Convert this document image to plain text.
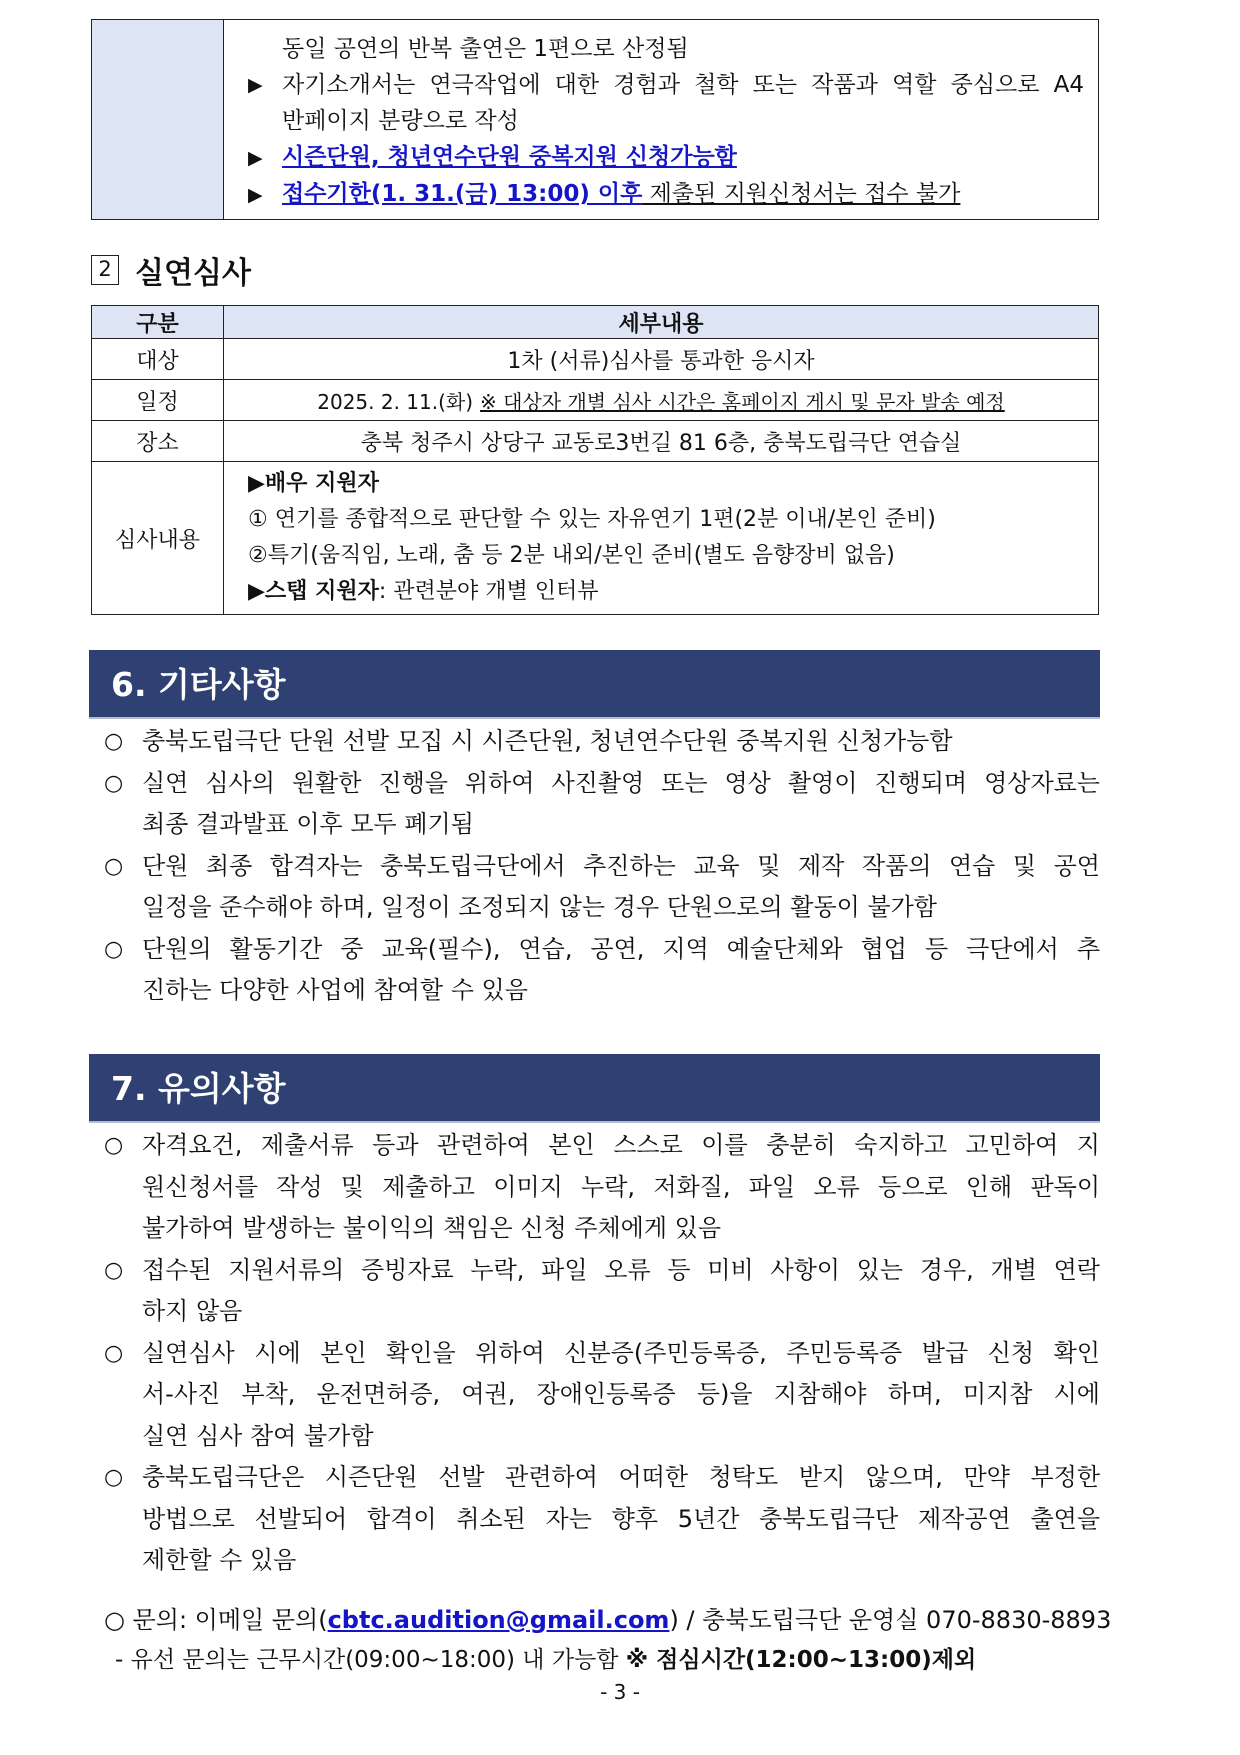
동일 공연의 반복 출연은 1편으로 산정됨
▶ 자기소개서는 연극작업에 대한 경험과 철학 또는 작품과 역할 중심으로 A4
반페이지 분량으로 작성
▶ 시즌단원, 청년연수단원 중복지원 신청가능함
▶ 접수기한(1. 31.(금) 13:00) 이후 제출된 지원신청서는 접수 불가
2 실연심사
구분	세부내용
대상	1차 (서류)심사를 통과한 응시자
일정	2025. 2. 11.(화) ※ 대상자 개별 심사 시간은 홈페이지 게시 및 문자 발송 예정
장소	충북 청주시 상당구 교동로3번길 81 6층, 충북도립극단 연습실
심사내용	▶배우 지원자
① 연기를 종합적으로 판단할 수 있는 자유연기 1편(2분 이내/본인 준비)
②특기(움직임, 노래, 춤 등 2분 내외/본인 준비(별도 음향장비 없음)
▶스탭 지원자: 관련분야 개별 인터뷰
6. 기타사항
○ 충북도립극단 단원 선발 모집 시 시즌단원, 청년연수단원 중복지원 신청가능함

○ 실연 심사의 원활한 진행을 위하여 사진촬영 또는 영상 촬영이 진행되며 영상자료는

최종 결과발표 이후 모두 폐기됨

○ 단원 최종 합격자는 충북도립극단에서 추진하는 교육 및 제작 작품의 연습 및 공연

일정을 준수해야 하며, 일정이 조정되지 않는 경우 단원으로의 활동이 불가함

○ 단원의 활동기간 중 교육(필수), 연습, 공연, 지역 예술단체와 협업 등 극단에서 추

진하는 다양한 사업에 참여할 수 있음

7. 유의사항
○ 자격요건, 제출서류 등과 관련하여 본인 스스로 이를 충분히 숙지하고 고민하여 지

원신청서를 작성 및 제출하고 이미지 누락, 저화질, 파일 오류 등으로 인해 판독이

불가하여 발생하는 불이익의 책임은 신청 주체에게 있음

○ 접수된 지원서류의 증빙자료 누락, 파일 오류 등 미비 사항이 있는 경우, 개별 연락

하지 않음

○ 실연심사 시에 본인 확인을 위하여 신분증(주민등록증, 주민등록증 발급 신청 확인

서-사진 부착, 운전면허증, 여권, 장애인등록증 등)을 지참해야 하며, 미지참 시에

실연 심사 참여 불가함

○ 충북도립극단은 시즌단원 선발 관련하여 어떠한 청탁도 받지 않으며, 만약 부정한

방법으로 선발되어 합격이 취소된 자는 향후 5년간 충북도립극단 제작공연 출연을

제한할 수 있음

○ 문의: 이메일 문의(cbtc.audition@gmail.com) / 충북도립극단 운영실 070-8830-8893
- 유선 문의는 근무시간(09:00~18:00) 내 가능함 ※ 점심시간(12:00~13:00)제외
- 3 -
